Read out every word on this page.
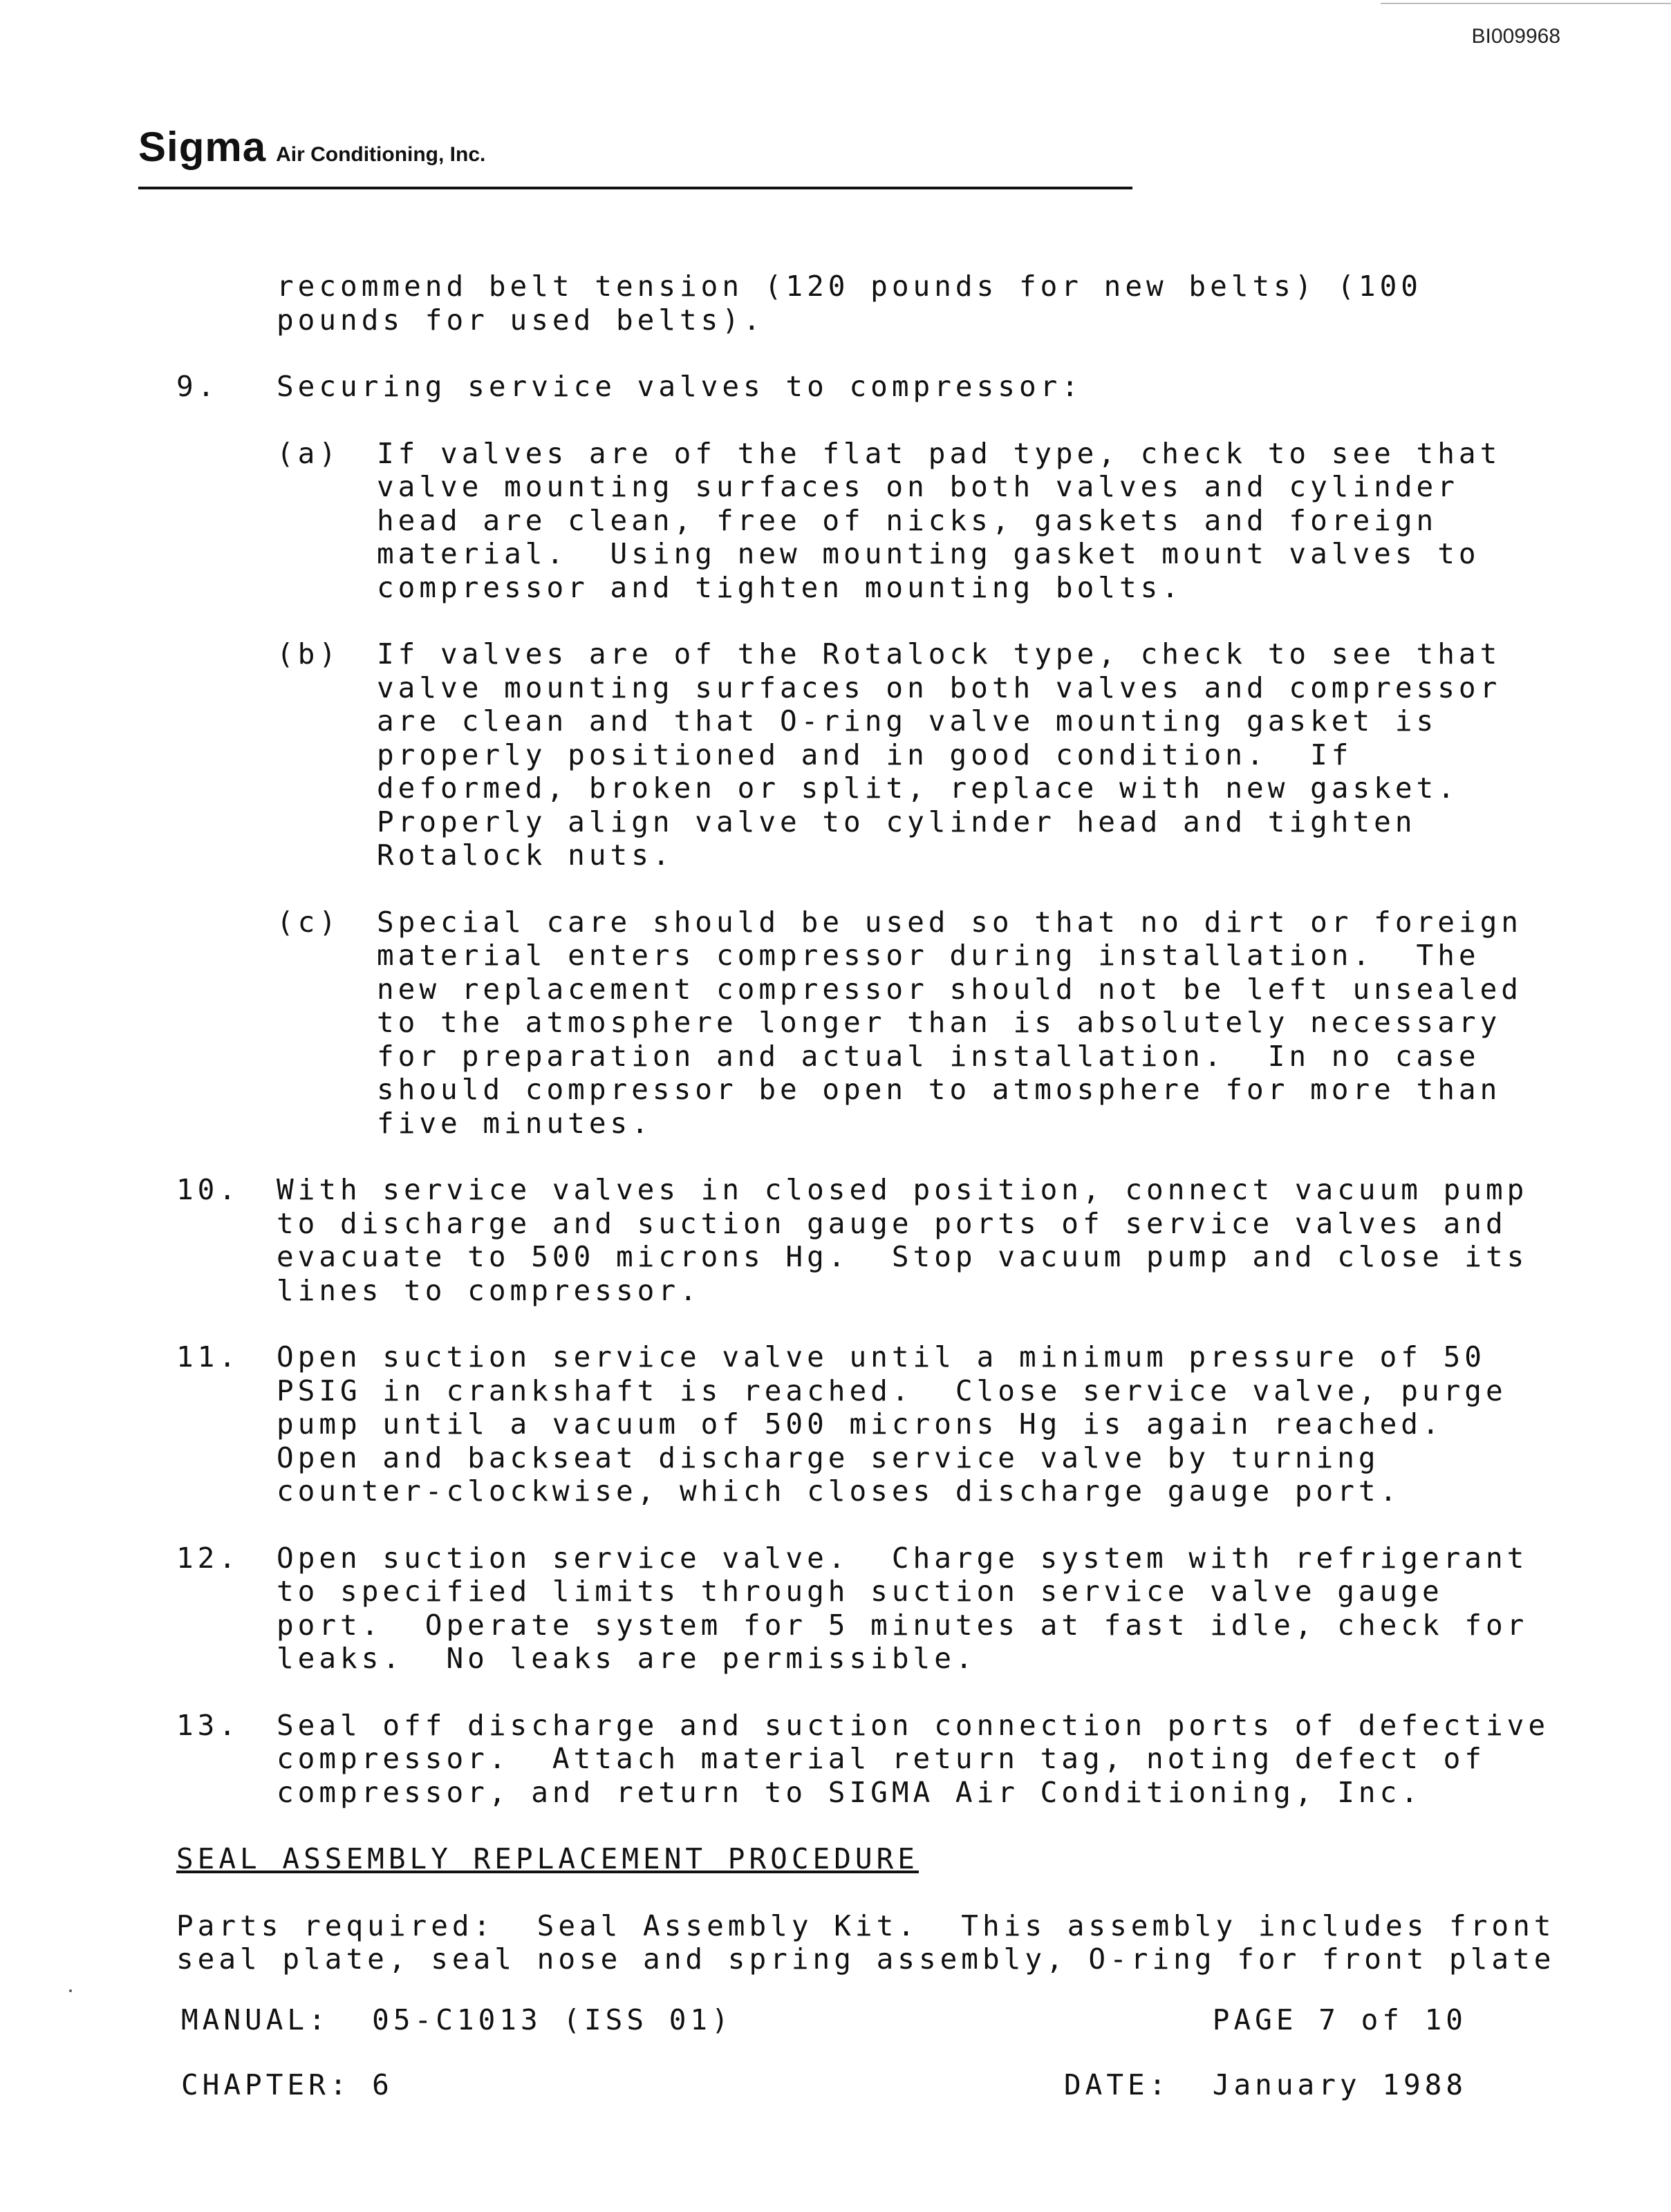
BI009968
Sigma Air Conditioning, Inc.
recommend belt tension (120 pounds for new belts) (100
pounds for used belts).
9. Securing service valves to compressor:
(a) If valves are of the flat pad type, check to see that
valve mounting surfaces on both valves and cylinder
head are clean, free of nicks, gaskets and foreign
material.  Using new mounting gasket mount valves to
compressor and tighten mounting bolts.
(b) If valves are of the Rotalock type, check to see that
valve mounting surfaces on both valves and compressor
are clean and that O-ring valve mounting gasket is
properly positioned and in good condition.  If
deformed, broken or split, replace with new gasket.
Properly align valve to cylinder head and tighten
Rotalock nuts.
(c) Special care should be used so that no dirt or foreign
material enters compressor during installation.  The
new replacement compressor should not be left unsealed
to the atmosphere longer than is absolutely necessary
for preparation and actual installation.  In no case
should compressor be open to atmosphere for more than
five minutes.
10. With service valves in closed position, connect vacuum pump
to discharge and suction gauge ports of service valves and
evacuate to 500 microns Hg.  Stop vacuum pump and close its
lines to compressor.
11. Open suction service valve until a minimum pressure of 50
PSIG in crankshaft is reached.  Close service valve, purge
pump until a vacuum of 500 microns Hg is again reached.
Open and backseat discharge service valve by turning
counter-clockwise, which closes discharge gauge port.
12. Open suction service valve.  Charge system with refrigerant
to specified limits through suction service valve gauge
port.  Operate system for 5 minutes at fast idle, check for
leaks.  No leaks are permissible.
13. Seal off discharge and suction connection ports of defective
compressor.  Attach material return tag, noting defect of
compressor, and return to SIGMA Air Conditioning, Inc.
SEAL ASSEMBLY REPLACEMENT PROCEDURE
Parts required:  Seal Assembly Kit.  This assembly includes front
seal plate, seal nose and spring assembly, O-ring for front plate
MANUAL:  05-C1013 (ISS 01)	PAGE 7 of 10
CHAPTER: 6	DATE:  January 1988
